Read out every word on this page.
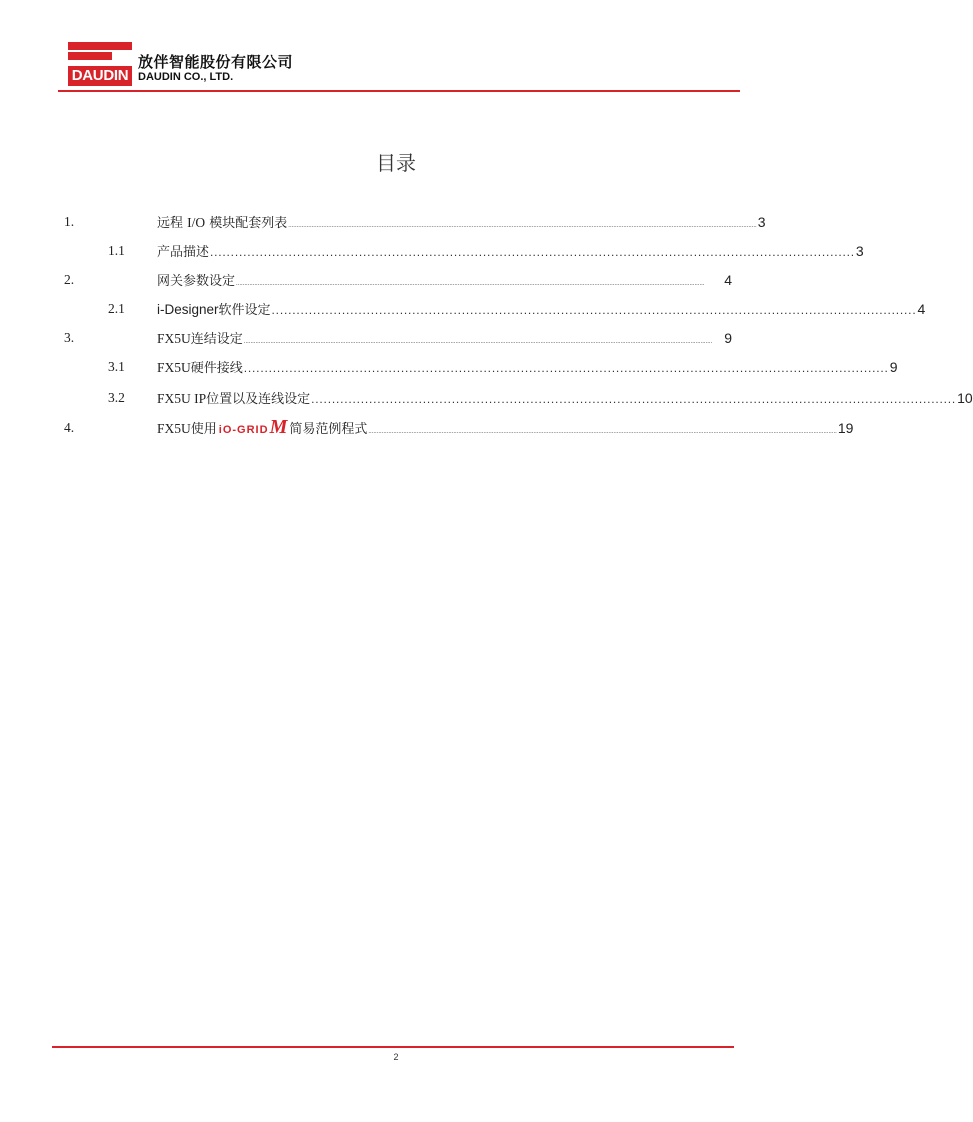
DAUDIN
放伴智能股份有限公司
DAUDIN CO., LTD.
目录
1.	远程 I/O 模块配套列表 ......................................................................................................................................................................................................................................................................................... 3
1.1 产品描述 ............................................................................................................................................................ 3
2.	网关参数设定 .........................................................................................................................................................................................................................................................................................	4
2.1 i-Designer软件设定 ............................................................................................................................................................ 4
3.	FX5U连结设定 ......................................................................................................................................................................................................................................................................................... 9
3.1 FX5U硬件接线 ............................................................................................................................................................ 9
3.2 FX5U IP位置以及连线设定 ............................................................................................................................................................ 10
4.	FX5U使用 iO-GRID M 简易范例程式 ......................................................................................................................................................................................................................................................................................... 19
2
